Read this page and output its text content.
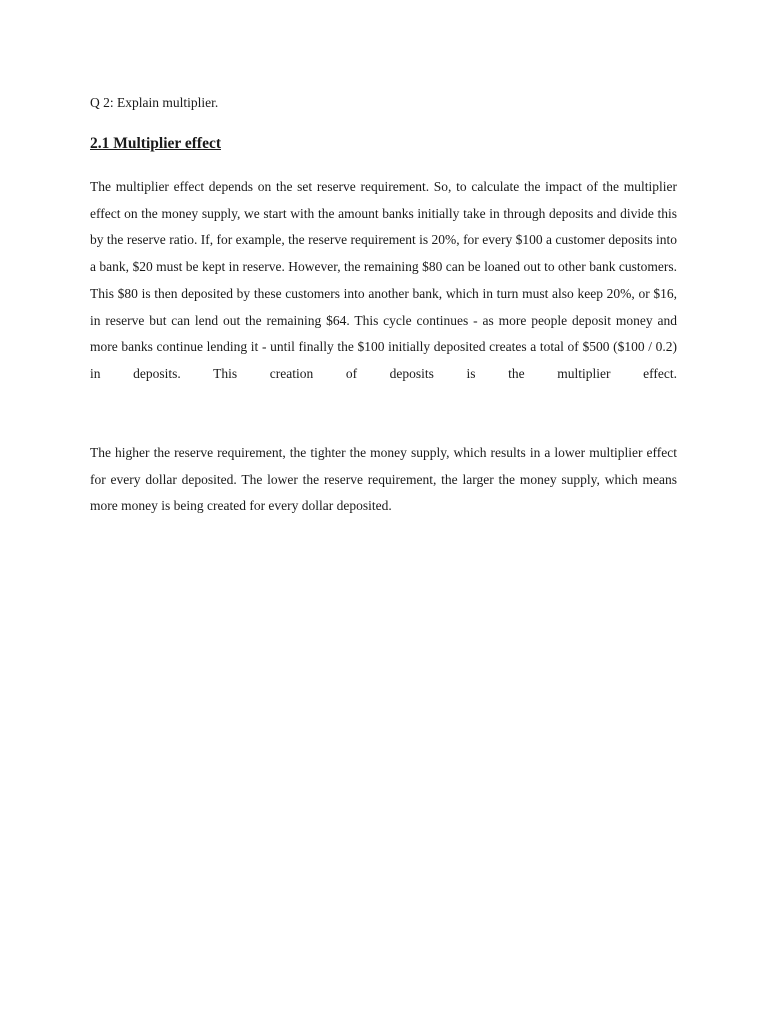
Q 2: Explain multiplier.

2.1 Multiplier effect

The multiplier effect depends on the set reserve requirement. So, to calculate the impact of the multiplier effect on the money supply, we start with the amount banks initially take in through deposits and divide this by the reserve ratio. If, for example, the reserve requirement is 20%, for every $100 a customer deposits into a bank, $20 must be kept in reserve. However, the remaining $80 can be loaned out to other bank customers. This $80 is then deposited by these customers into another bank, which in turn must also keep 20%, or $16, in reserve but can lend out the remaining $64. This cycle continues - as more people deposit money and more banks continue lending it - until finally the $100 initially deposited creates a total of $500 ($100 / 0.2) in deposits. This creation of deposits is the multiplier effect.

The higher the reserve requirement, the tighter the money supply, which results in a lower multiplier effect for every dollar deposited. The lower the reserve requirement, the larger the money supply, which means more money is being created for every dollar deposited.
